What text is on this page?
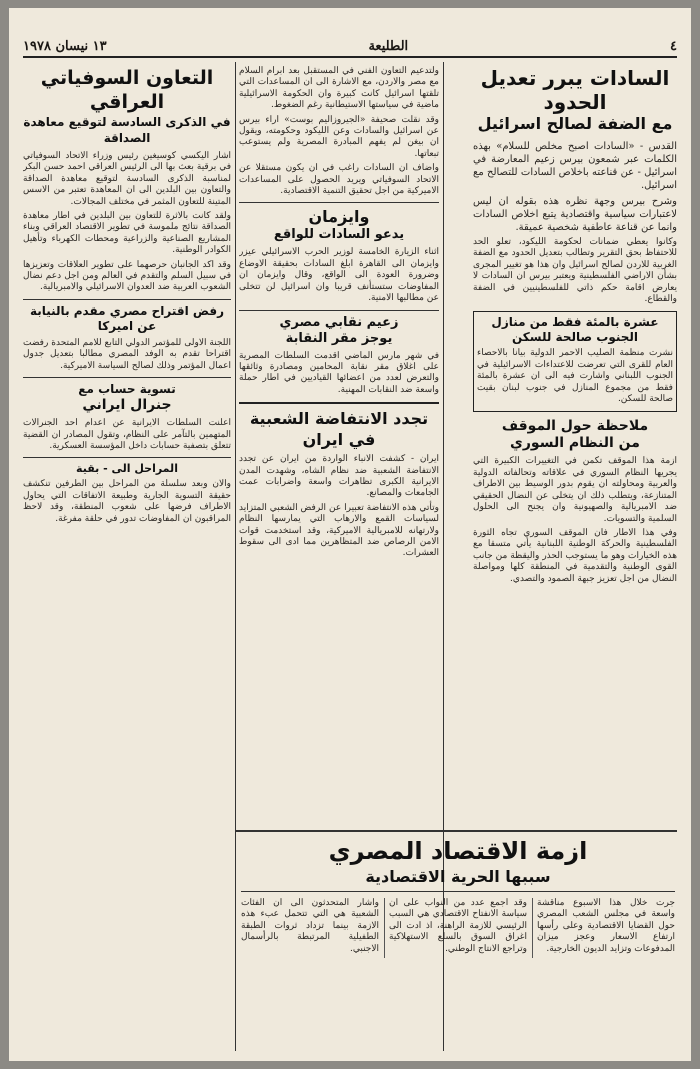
٤
الطليعة
١٣ نيسان ١٩٧٨
السادات يبرر تعديل الحدود
مع الضفة لصالح اسرائيل

القدس - «السادات اصبح مخلص للسلام» بهذه الكلمات عبر شمعون بيرس زعيم المعارضة في اسرائيل - عن قناعته باخلاص السادات للتصالح مع اسرائيل.

وشرح بيرس وجهة نظره هذه بقوله ان ليس لاعتبارات سياسية واقتصادية يتبع اخلاص السادات وانما عن قناعة عاطفية شخصية عميقة.

وكانوا يعطي ضمانات لحكومة الليكود، تعلو الحد للاحتفاظ بحق التقرير وتطالب بتعديل الحدود مع الضفة الغربية للاردن لصالح اسرائيل وان هذا هو تغيير المجرى بشأن الاراضي الفلسطينية ويعتبر بيرس ان السادات لا يعارض اقامة حكم ذاتي للفلسطينيين في الضفة والقطاع.

عشرة بالمئة فقط من منازل الجنوب صالحة للسكن

نشرت منظمة الصليب الاحمر الدولية بيانا بالاحصاء العام للقرى التي تعرضت للاعتداءات الاسرائيلية في الجنوب اللبناني واشارت فيه الى ان عشرة بالمئة فقط من مجموع المنازل في جنوب لبنان بقيت صالحة للسكن.

ملاحظة حول الموقف
من النظام السوري

ازمة هذا الموقف تكمن في التغييرات الكبيرة التي يجريها النظام السوري في علاقاته وتحالفاته الدولية والعربية ومحاولته ان يقوم بدور الوسيط بين الاطراف المتنازعة، ويتطلب ذلك ان يتخلى عن النضال الحقيقي ضد الامبريالية والصهيونية وان يجنح الى الحلول السلمية والتسويات.

وفي هذا الاطار فان الموقف السوري تجاه الثورة الفلسطينية والحركة الوطنية اللبنانية يأتي متسقا مع هذه الخيارات وهو ما يستوجب الحذر واليقظة من جانب القوى الوطنية والتقدمية في المنطقة كلها ومواصلة النضال من اجل تعزيز جبهة الصمود والتصدي.

ولتدعيم التعاون الفني في المستقبل بعد ابرام السلام مع مصر والاردن، مع الاشارة الى ان المساعدات التي تلقتها اسرائيل كانت كبيرة وان الحكومة الاسرائيلية ماضية في سياستها الاستيطانية رغم الضغوط.

وقد نقلت صحيفة «الجيروزاليم بوست» اراء بيرس عن اسرائيل والسادات وعن الليكود وحكومته، ويقول ان بيغن لم يفهم المبادرة المصرية ولم يستوعب تبعاتها.

واضاف ان السادات راغب في ان يكون مستقلا عن الاتحاد السوفياتي ويريد الحصول على المساعدات الاميركية من اجل تحقيق التنمية الاقتصادية.

وايزمان
يدعو السادات للواقع

اثناء الزيارة الخامسة لوزير الحرب الاسرائيلي عيزر وايزمان الى القاهرة ابلغ السادات بحقيقة الاوضاع وضرورة العودة الى الواقع، وقال وايزمان ان المفاوضات ستستأنف قريبا وان اسرائيل لن تتخلى عن مطالبها الامنية.

زعيم نقابي مصري
يوجز مقر النقابة

في شهر مارس الماضي اقدمت السلطات المصرية على اغلاق مقر نقابة المحامين ومصادرة وثائقها والتعرض لعدد من اعضائها القياديين في اطار حملة واسعة ضد النقابات المهنية.

تجدد الانتفاضة الشعبية في ايران

ايران - كشفت الانباء الواردة من ايران عن تجدد الانتفاضة الشعبية ضد نظام الشاه، وشهدت المدن الايرانية الكبرى تظاهرات واسعة واضرابات عمت الجامعات والمصانع.

وتأتي هذه الانتفاضة تعبيرا عن الرفض الشعبي المتزايد لسياسات القمع والارهاب التي يمارسها النظام ولارتهانه للامبريالية الاميركية، وقد استخدمت قوات الامن الرصاص ضد المتظاهرين مما ادى الى سقوط العشرات.

التعاون السوفياتي العراقي
في الذكرى السادسة لتوقيع معاهدة الصداقة

اشار اليكسي كوسيغين رئيس وزراء الاتحاد السوفياتي في برقية بعث بها الى الرئيس العراقي احمد حسن البكر لمناسبة الذكرى السادسة لتوقيع معاهدة الصداقة والتعاون بين البلدين الى ان المعاهدة تعتبر من الاسس المتينة للتعاون المثمر في مختلف المجالات.

ولقد كانت بالاثرة للتعاون بين البلدين في اطار معاهدة الصداقة نتائج ملموسة في تطوير الاقتصاد العراقي وبناء المشاريع الصناعية والزراعية ومحطات الكهرباء وتأهيل الكوادر الوطنية.

وقد اكد الجانبان حرصهما على تطوير العلاقات وتعزيزها في سبيل السلم والتقدم في العالم ومن اجل دعم نضال الشعوب العربية ضد العدوان الاسرائيلي والامبريالية.

رفض اقتراح مصري مقدم بالنيابة عن اميركا

اللجنة الاولى للمؤتمر الدولي التابع للامم المتحدة رفضت اقتراحا تقدم به الوفد المصري مطالبا بتعديل جدول اعمال المؤتمر وذلك لصالح السياسة الاميركية.

تسوية حساب مع
جنرال ايراني

اعلنت السلطات الايرانية عن اعدام احد الجنرالات المتهمين بالتآمر على النظام، وتقول المصادر ان القضية تتعلق بتصفية حسابات داخل المؤسسة العسكرية.

المراحل الى - بقية

والان وبعد سلسلة من المراحل بين الطرفين تنكشف حقيقة التسوية الجارية وطبيعة الاتفاقات التي يحاول الاطراف فرضها على شعوب المنطقة، وقد لاحظ المراقبون ان المفاوضات تدور في حلقة مفرغة.

ازمة الاقتصاد المصري
سببها الحرية الاقتصادية

جرت خلال هذا الاسبوع مناقشة واسعة في مجلس الشعب المصري حول القضايا الاقتصادية وعلى رأسها ارتفاع الاسعار وعجز ميزان المدفوعات وتزايد الديون الخارجية.

وقد اجمع عدد من النواب على ان سياسة الانفتاح الاقتصادي هي السبب الرئيسي للازمة الراهنة، اذ ادت الى اغراق السوق بالسلع الاستهلاكية وتراجع الانتاج الوطني.

واشار المتحدثون الى ان الفئات الشعبية هي التي تتحمل عبء هذه الازمة بينما تزداد ثروات الطبقة الطفيلية المرتبطة بالرأسمال الاجنبي.
